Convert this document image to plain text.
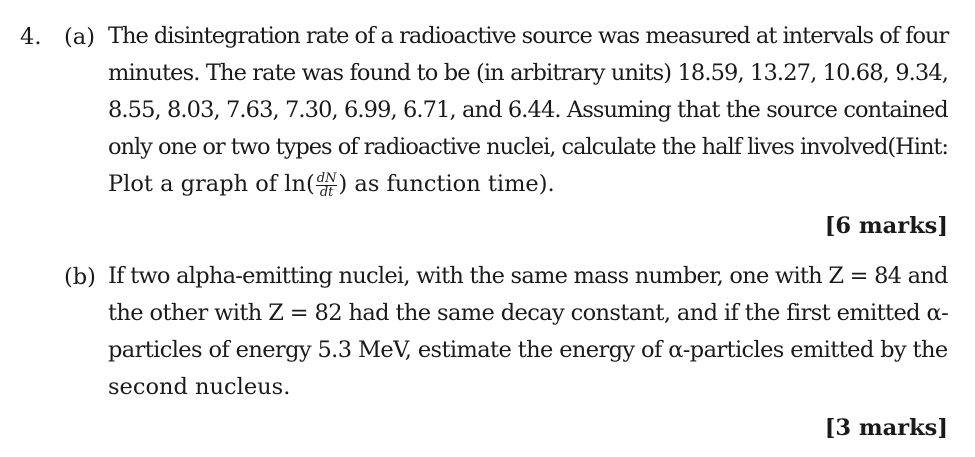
4. (a) The disintegration rate of a radioactive source was measured at intervals of four
minutes. The rate was found to be (in arbitrary units) 18.59, 13.27, 10.68, 9.34,
8.55, 8.03, 7.63, 7.30, 6.99, 6.71, and 6.44. Assuming that the source contained
only one or two types of radioactive nuclei, calculate the half lives involved(Hint:
Plot a graph of $\ln( \frac{dN}{dt}$ ) as function time).
[6 marks]
(b) If two alpha-emitting nuclei, with the same mass number, one with Z = 84 and
the other with Z = 82 had the same decay constant, and if the first emitted α-
particles of energy 5.3 MeV, estimate the energy of α-particles emitted by the
second nucleus.
[3 marks]
